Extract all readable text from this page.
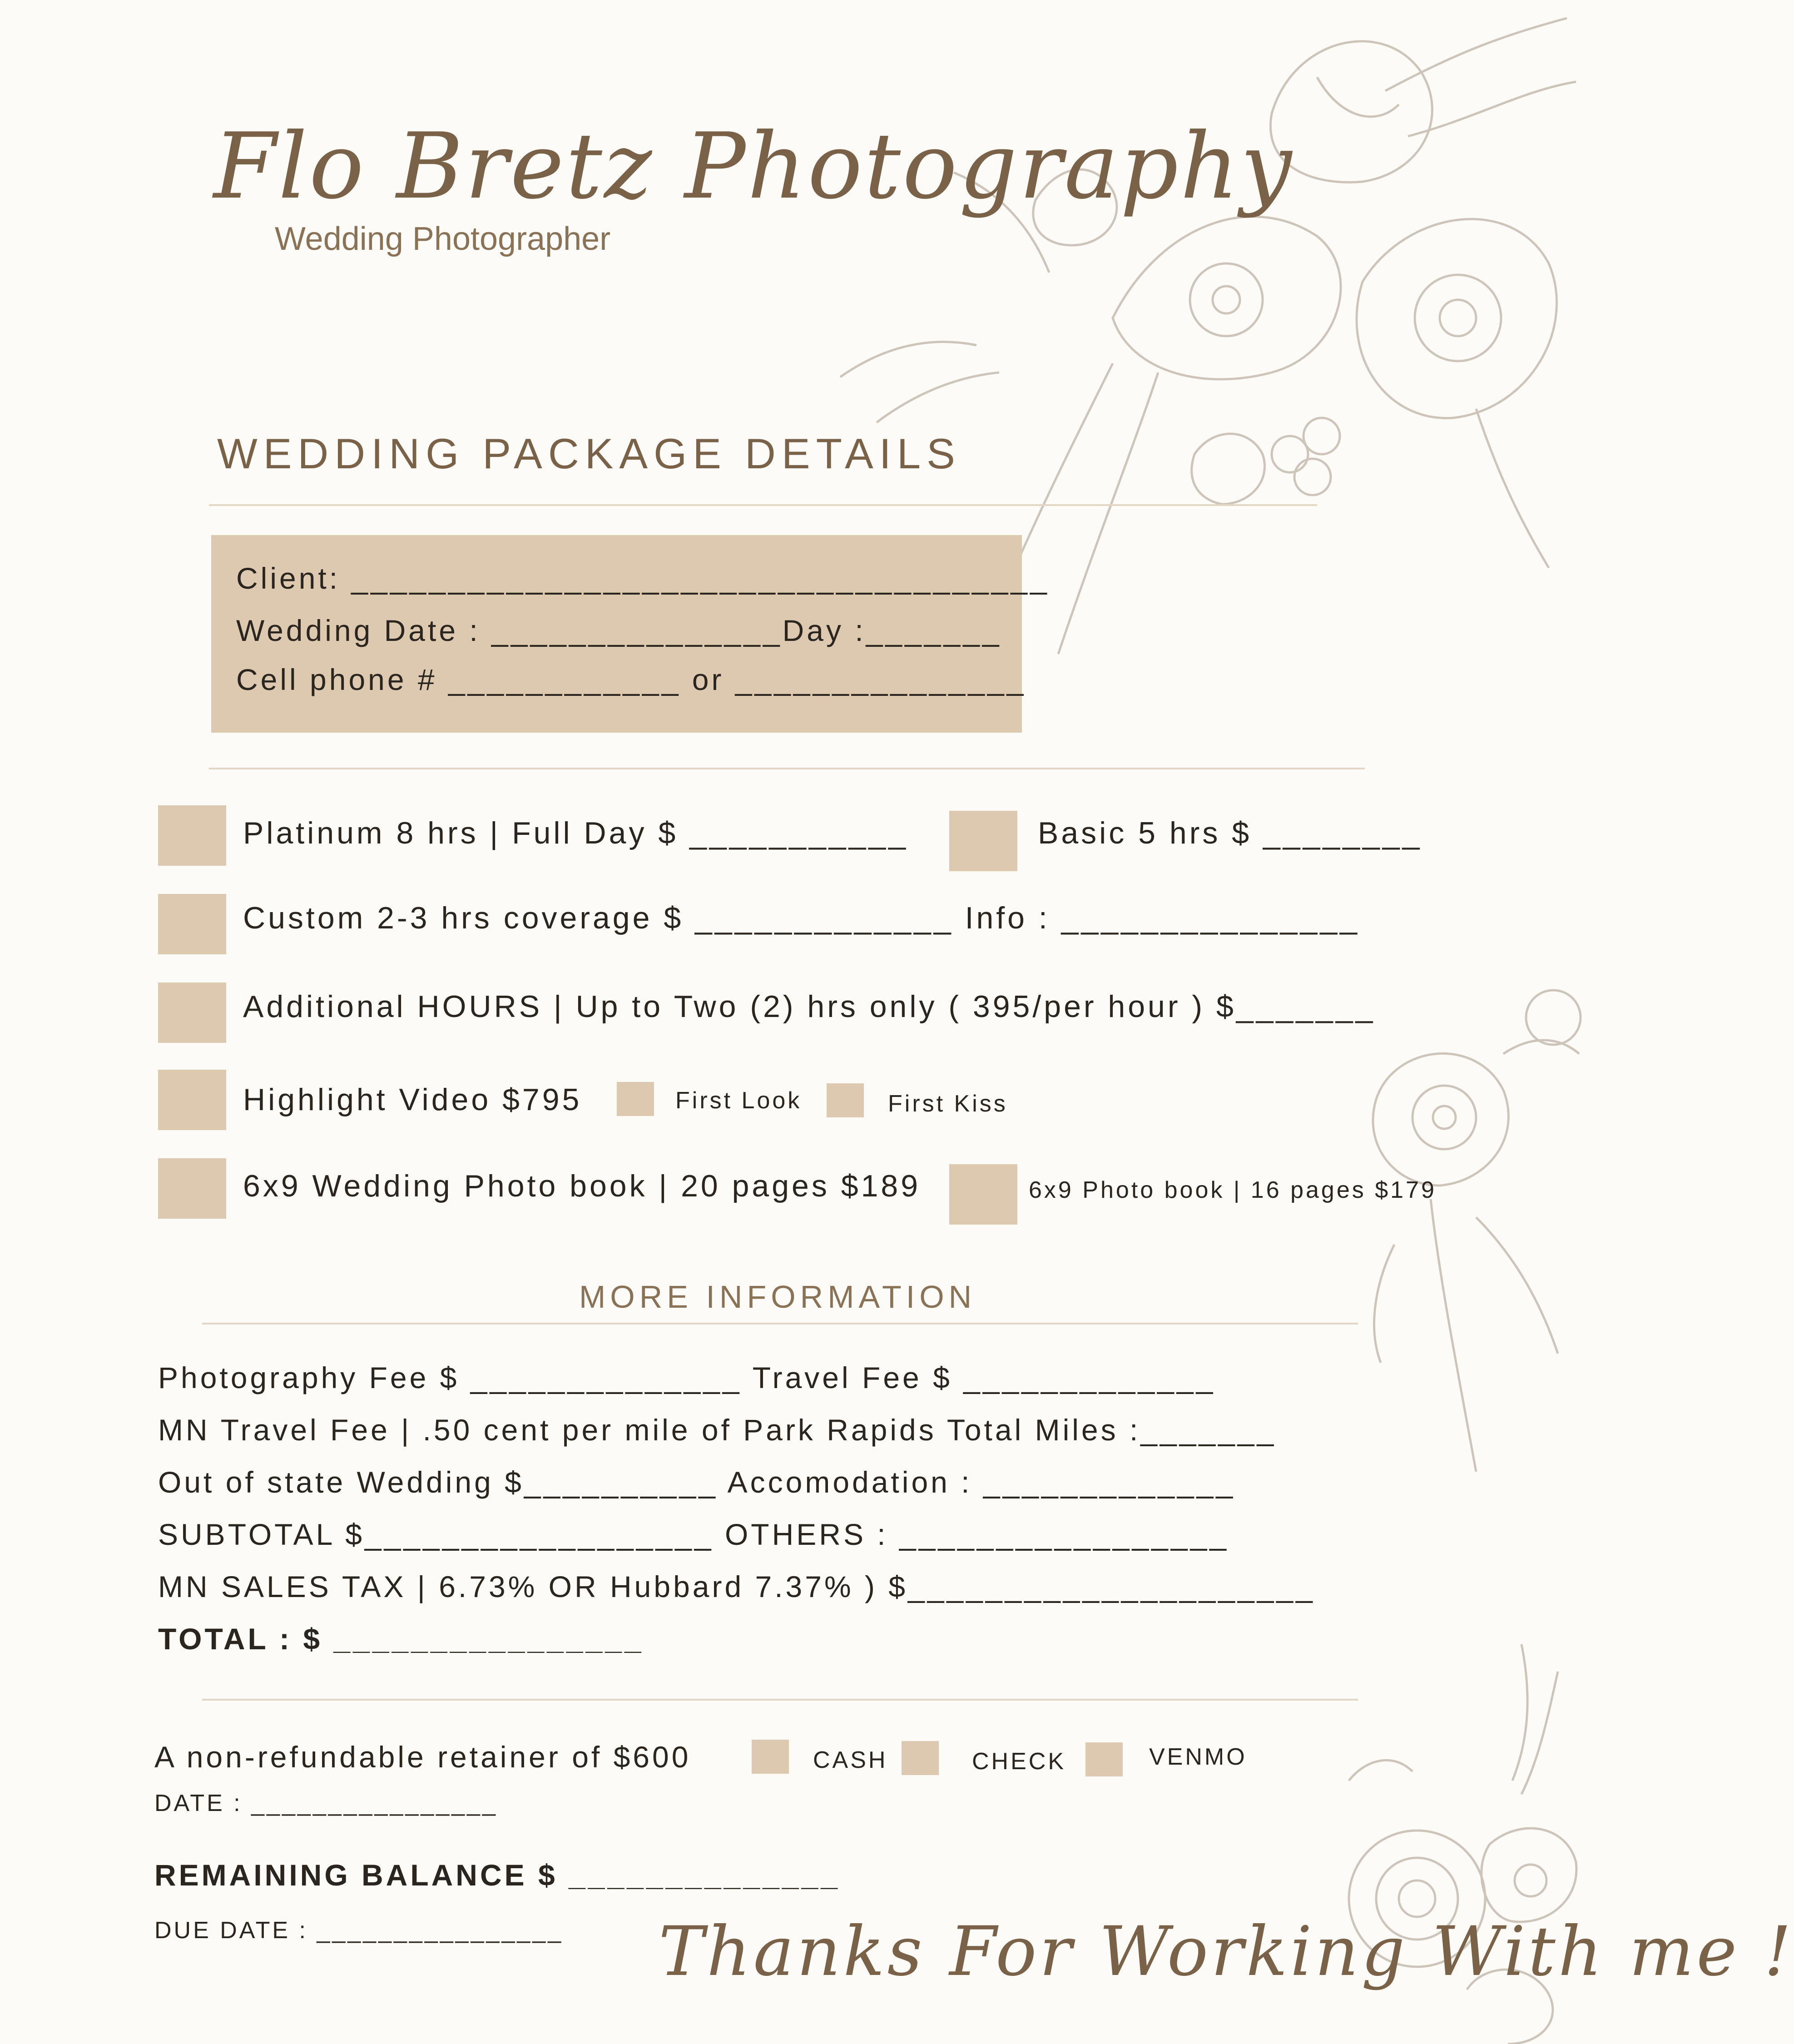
Flo Bretz Photography
Wedding Photographer
WEDDING PACKAGE DETAILS
Client: ____________________________________
Wedding Date : _______________Day :_______
Cell phone # ____________ or _______________
Platinum 8 hrs | Full Day $ ___________	Basic 5 hrs $ ________
Custom 2-3 hrs coverage $ _____________ Info : _______________
Additional HOURS | Up to Two (2) hrs only ( 395/per hour ) $_______
Highlight Video $795	First Look	First Kiss
6x9 Wedding Photo book | 20 pages $189	6x9 Photo book | 16 pages $179
MORE INFORMATION
Photography Fee $ ______________ Travel Fee $ _____________
MN Travel Fee | .50 cent per mile of Park Rapids Total Miles :_______
Out of state Wedding $__________ Accomodation : _____________
SUBTOTAL $__________________ OTHERS : _________________
MN SALES TAX | 6.73% OR Hubbard 7.37% ) $_____________________
TOTAL : $ ________________
A non-refundable retainer of $600	CASH	CHECK	VENMO
DATE : ________________
REMAINING BALANCE $ ______________
DUE DATE : ________________ Thanks For Working With me !
